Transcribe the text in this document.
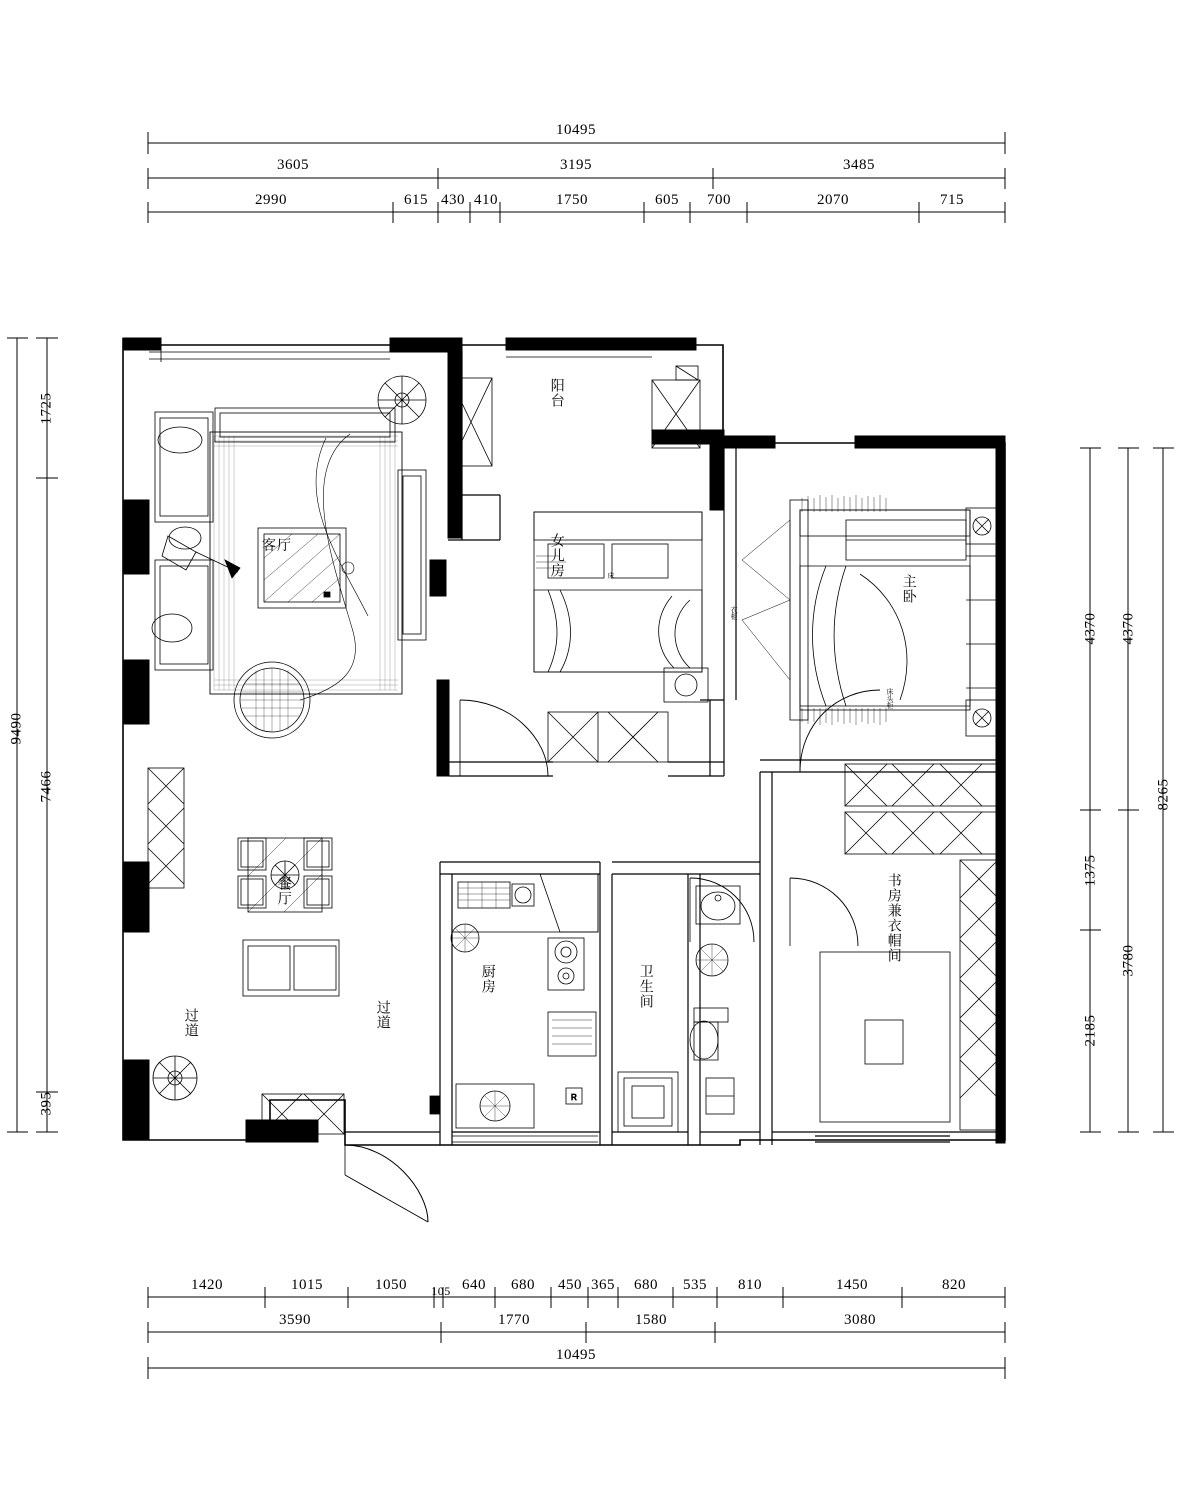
R
10495
3605	3195	3485
2990	615 430 410	1750	605	700	2070	715
1420	1015	1050	105 640	680	450 365	680	535	810	1450	820
3590	1770	1580	3080
10495
1725
7466
395
9490
4370
1375
2185
4370
3780
8265
客厅
阳台
女儿房
主卧
书房兼衣帽间
厨房	卫生间
餐厅
过道
过道
衣柜
床
床头柜
